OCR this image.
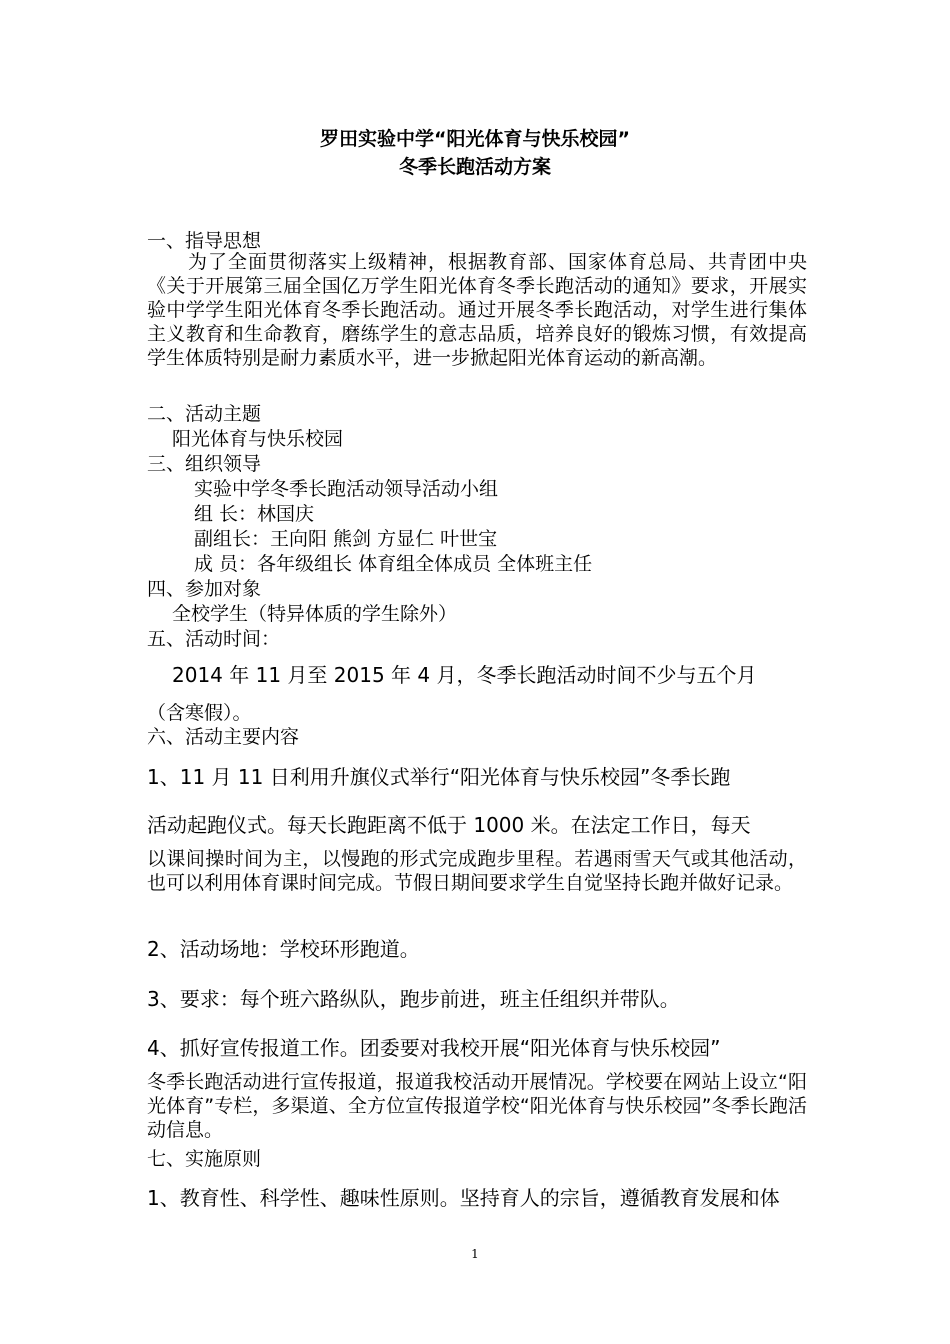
罗田实验中学“阳光体育与快乐校园”
冬季长跑活动方案
一、指导思想
为了全面贯彻落实上级精神，根据教育部、国家体育总局、共青团中央《关于开展第三届全国亿万学生阳光体育冬季长跑活动的通知》要求，开展实验中学学生阳光体育冬季长跑活动。通过开展冬季长跑活动，对学生进行集体主义教育和生命教育，磨练学生的意志品质，培养良好的锻炼习惯，有效提高学生体质特别是耐力素质水平，进一步掀起阳光体育运动的新高潮。
二、活动主题
阳光体育与快乐校园
三、组织领导
实验中学冬季长跑活动领导活动小组
组 长：林国庆
副组长：王向阳 熊剑 方显仁 叶世宝
成 员：各年级组长 体育组全体成员 全体班主任
四、参加对象
全校学生（特异体质的学生除外）
五、活动时间：
2014 年 11 月至 2015 年 4 月，冬季长跑活动时间不少与五个月
（含寒假）。
六、活动主要内容
1、11 月 11 日利用升旗仪式举行“阳光体育与快乐校园”冬季长跑
活动起跑仪式。每天长跑距离不低于 1000 米。在法定工作日，每天
以课间操时间为主，以慢跑的形式完成跑步里程。若遇雨雪天气或其他活动，也可以利用体育课时间完成。节假日期间要求学生自觉坚持长跑并做好记录。
2、活动场地：学校环形跑道。
3、要求：每个班六路纵队，跑步前进，班主任组织并带队。
4、抓好宣传报道工作。团委要对我校开展“阳光体育与快乐校园”
冬季长跑活动进行宣传报道，报道我校活动开展情况。学校要在网站上设立“阳光体育”专栏，多渠道、全方位宣传报道学校“阳光体育与快乐校园”冬季长跑活动信息。
七、实施原则
1、教育性、科学性、趣味性原则。坚持育人的宗旨，遵循教育发展和体
1
